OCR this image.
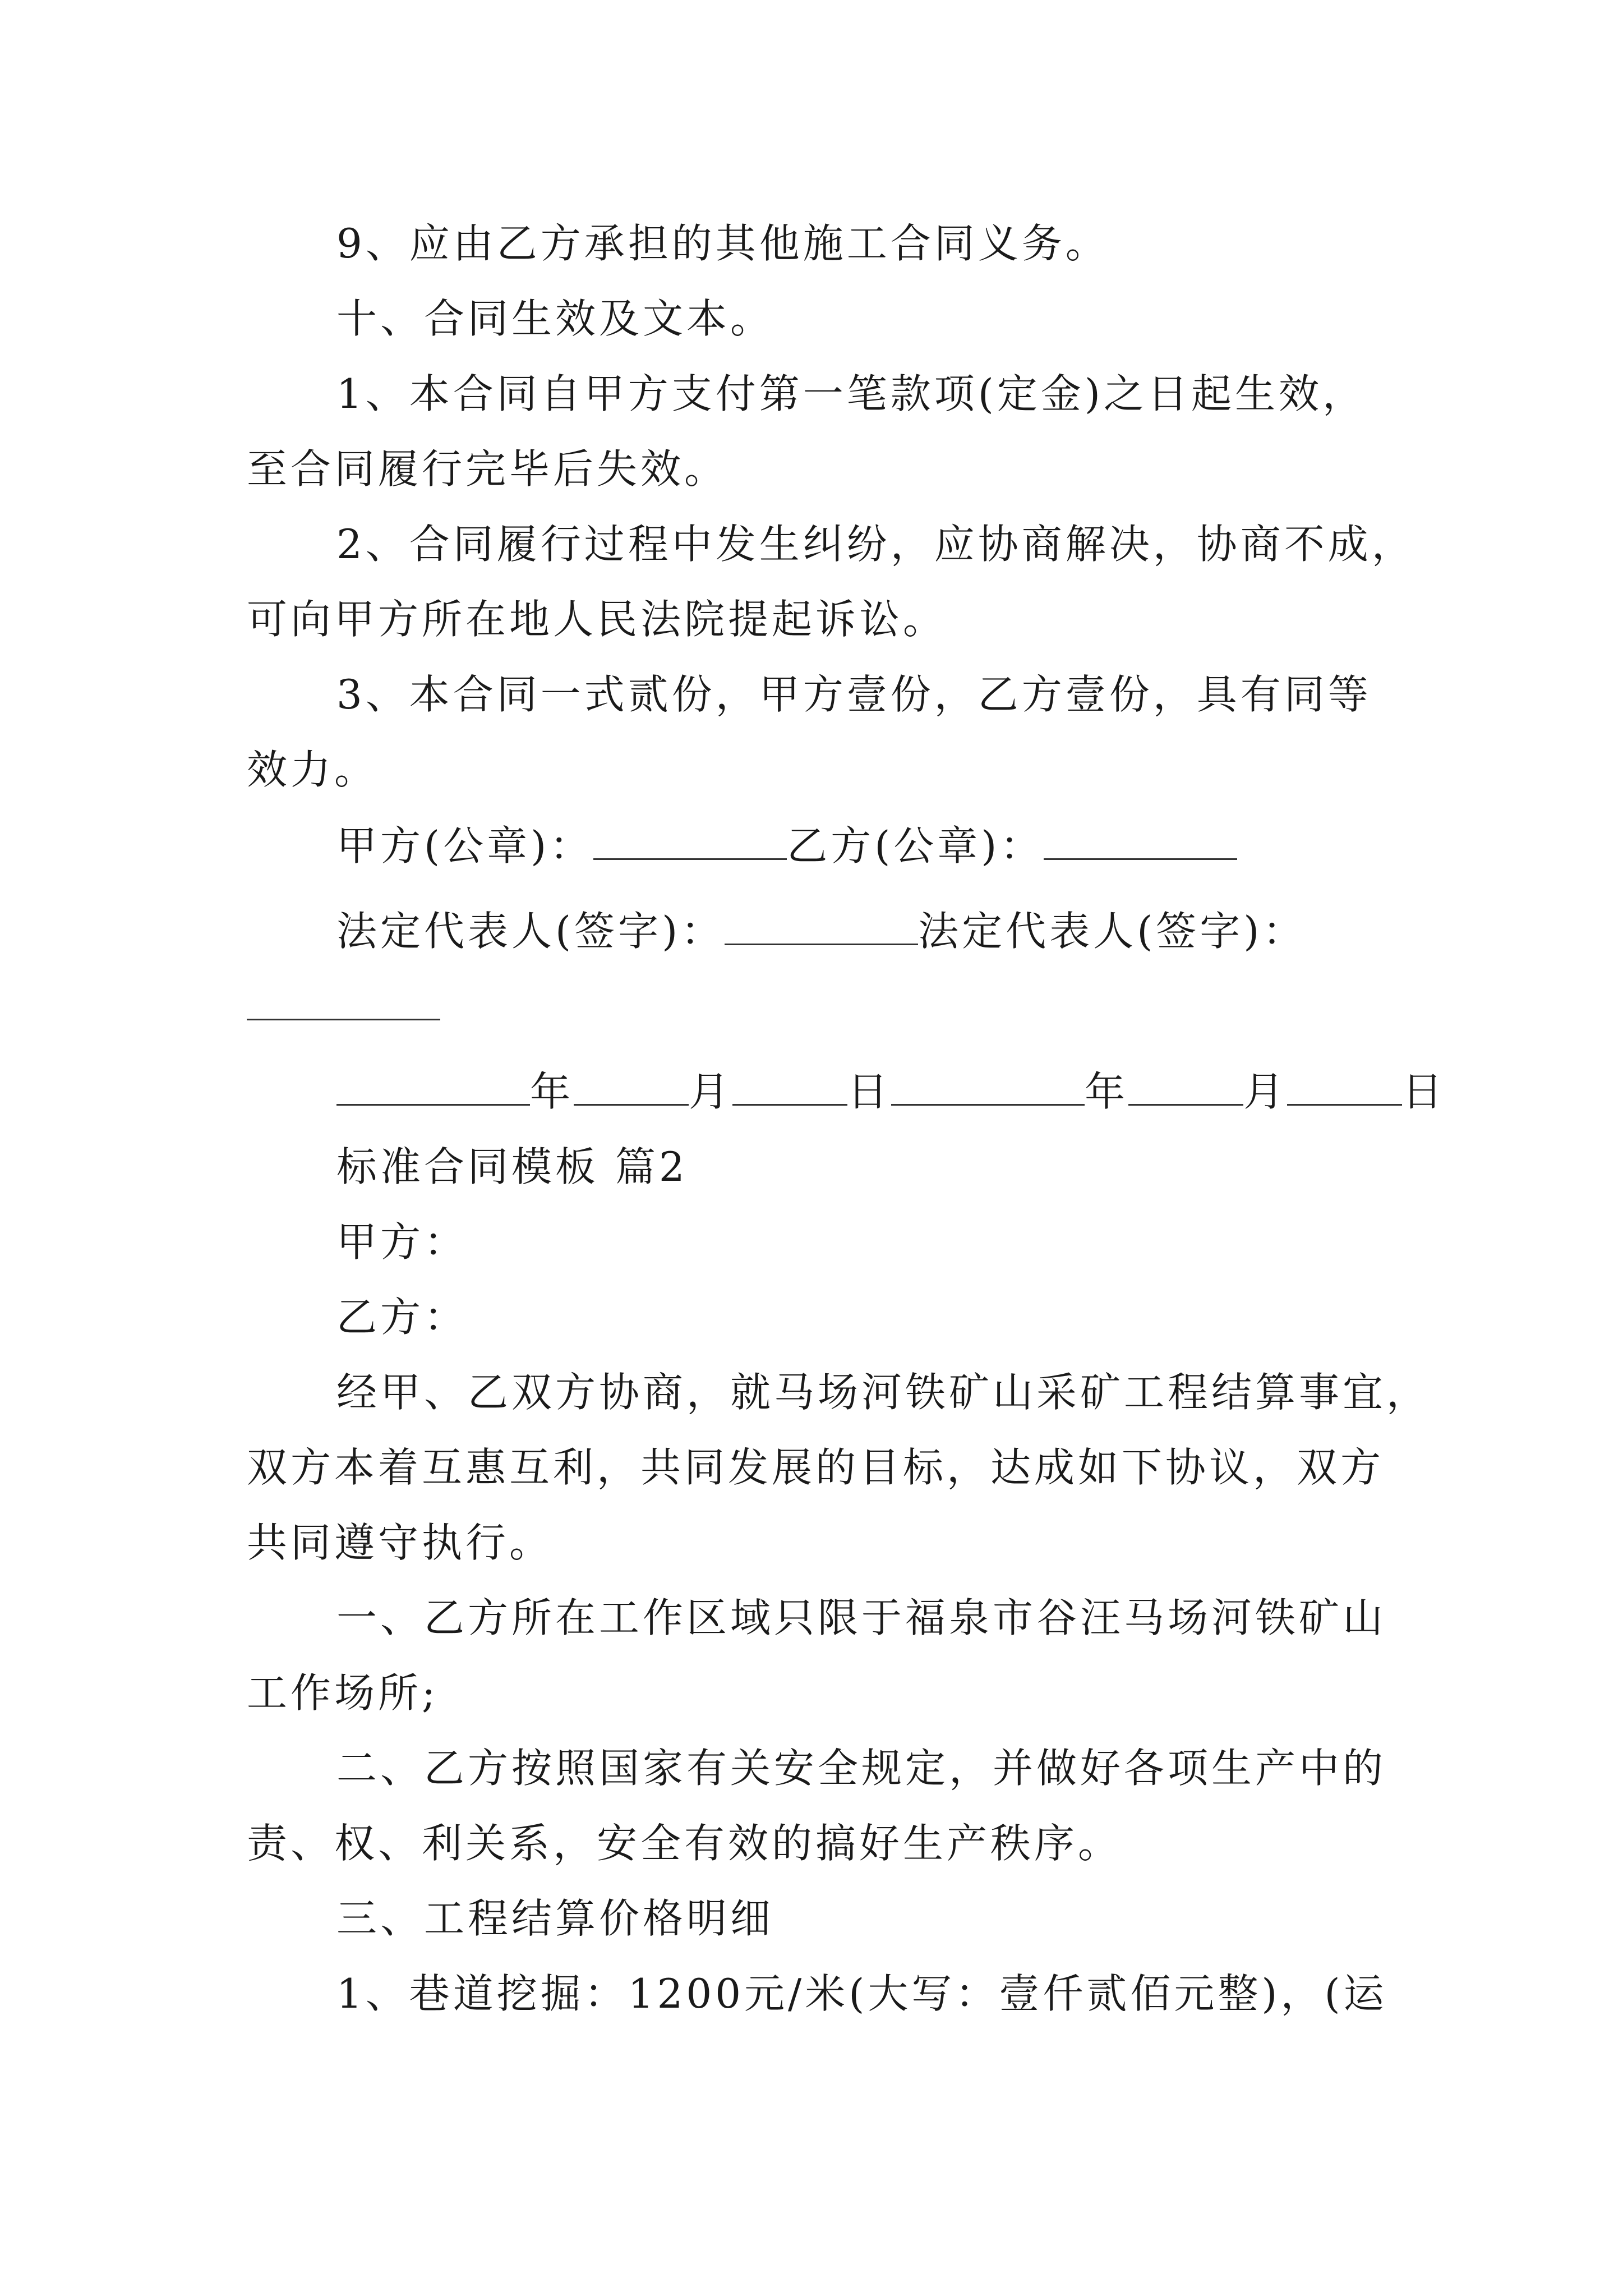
9、应由乙方承担的其他施工合同义务。
十、合同生效及文本。
1、本合同自甲方支付第一笔款项(定金)之日起生效，
至合同履行完毕后失效。
2、合同履行过程中发生纠纷，应协商解决，协商不成，
可向甲方所在地人民法院提起诉讼。
3、本合同一式贰份，甲方壹份，乙方壹份，具有同等
效力。
甲方(公章)：	乙方(公章)：
法定代表人(签字)：	法定代表人(签字)：
年	月	日	年	月	日
标准合同模板 篇2
甲方：
乙方：
经甲、乙双方协商，就马场河铁矿山采矿工程结算事宜，
双方本着互惠互利，共同发展的目标，达成如下协议，双方
共同遵守执行。
一、乙方所在工作区域只限于福泉市谷汪马场河铁矿山
工作场所;
二、乙方按照国家有关安全规定，并做好各项生产中的
责、权、利关系，安全有效的搞好生产秩序。
三、工程结算价格明细
1、巷道挖掘：1200元/米(大写：壹仟贰佰元整)，(运
